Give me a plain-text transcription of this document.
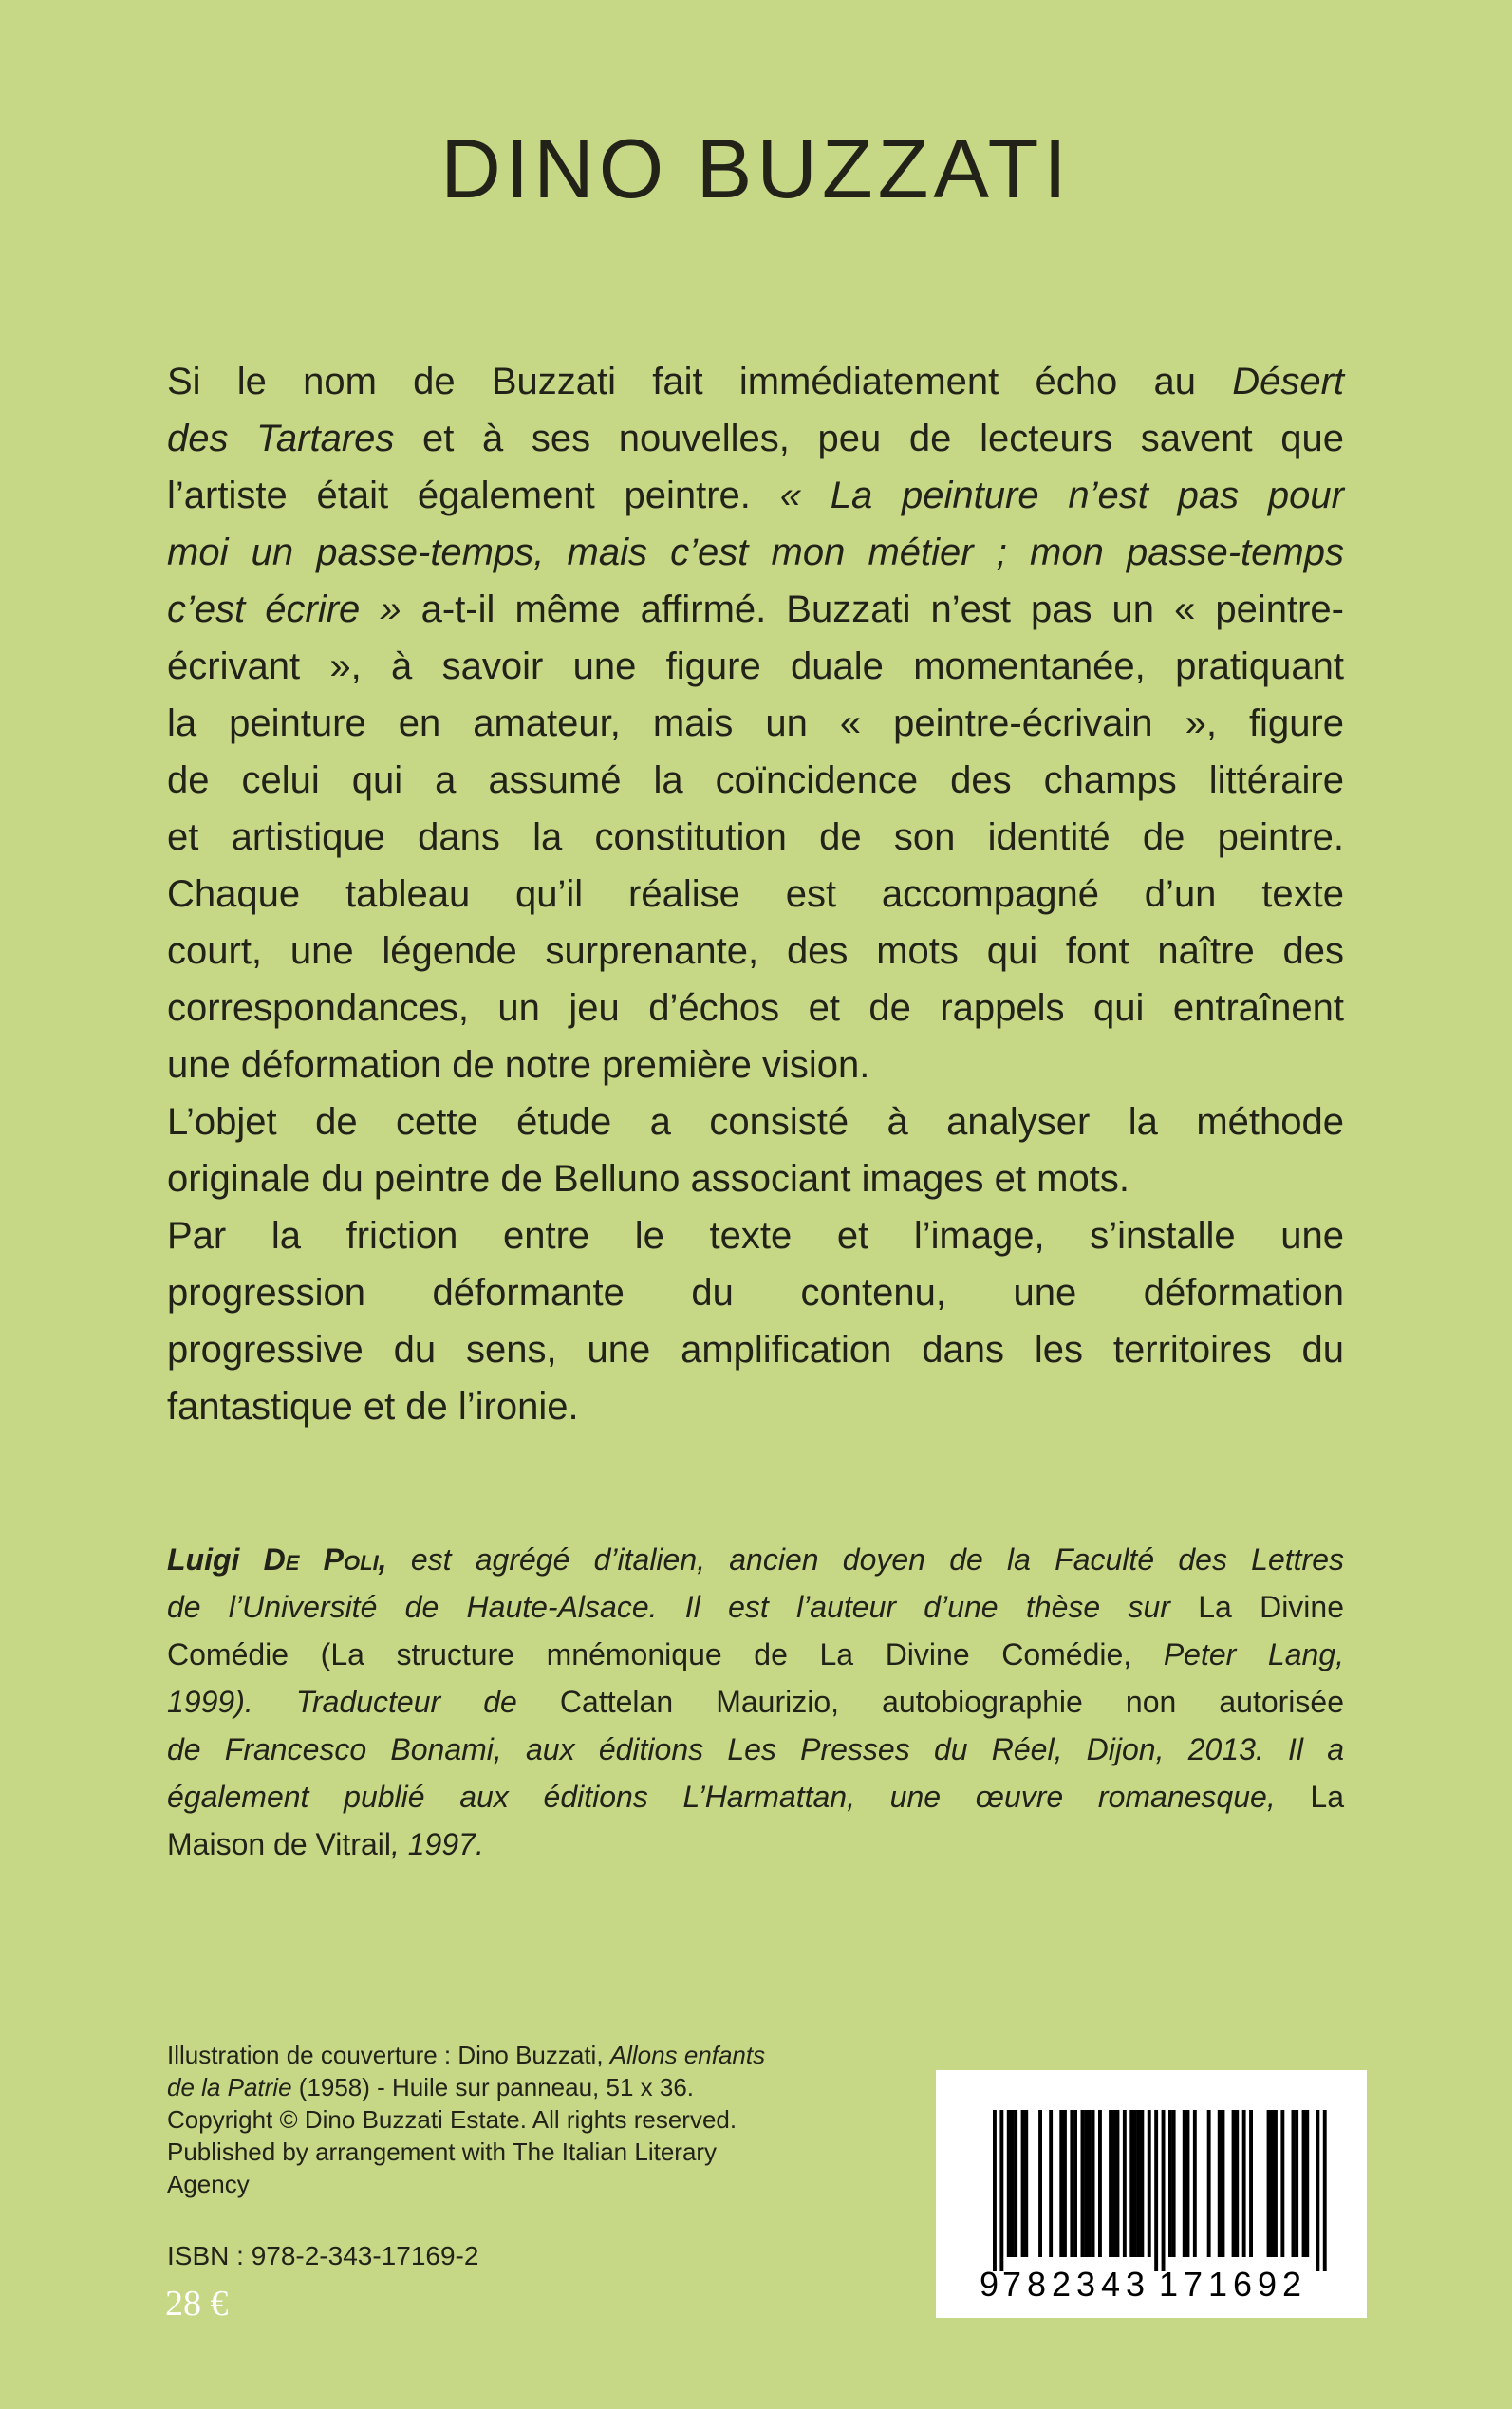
DINO BUZZATI
Si le nom de Buzzati fait immédiatement écho au Désert
des Tartares et à ses nouvelles, peu de lecteurs savent que
l’artiste était également peintre. « La peinture n’est pas pour
moi un passe-temps, mais c’est mon métier ; mon passe-temps
c’est écrire » a-t-il même affirmé. Buzzati n’est pas un « peintre-
écrivant », à savoir une figure duale momentanée, pratiquant
la peinture en amateur, mais un « peintre-écrivain », figure
de celui qui a assumé la coïncidence des champs littéraire
et artistique dans la constitution de son identité de peintre.
Chaque tableau qu’il réalise est accompagné d’un texte
court, une légende surprenante, des mots qui font naître des
correspondances, un jeu d’échos et de rappels qui entraînent
une déformation de notre première vision.
L’objet de cette étude a consisté à analyser la méthode
originale du peintre de Belluno associant images et mots.
Par la friction entre le texte et l’image, s’installe une
progression déformante du contenu, une déformation
progressive du sens, une amplification dans les territoires du
fantastique et de l’ironie.
Luigi De Poli, est agrégé d’italien, ancien doyen de la Faculté des Lettres
de l’Université de Haute-Alsace. Il est l’auteur d’une thèse sur La Divine
Comédie (La structure mnémonique de La Divine Comédie, Peter Lang,
1999). Traducteur de Cattelan Maurizio, autobiographie non autorisée
de Francesco Bonami, aux éditions Les Presses du Réel, Dijon, 2013. Il a
également publié aux éditions L’Harmattan, une œuvre romanesque, La
Maison de Vitrail, 1997.
Illustration de couverture : Dino Buzzati, Allons enfants
de la Patrie (1958) - Huile sur panneau, 51 x 36.
Copyright © Dino Buzzati Estate. All rights reserved.
Published by arrangement with The Italian Literary
Agency
ISBN : 978-2-343-17169-2
28 €	9 782343 171692
